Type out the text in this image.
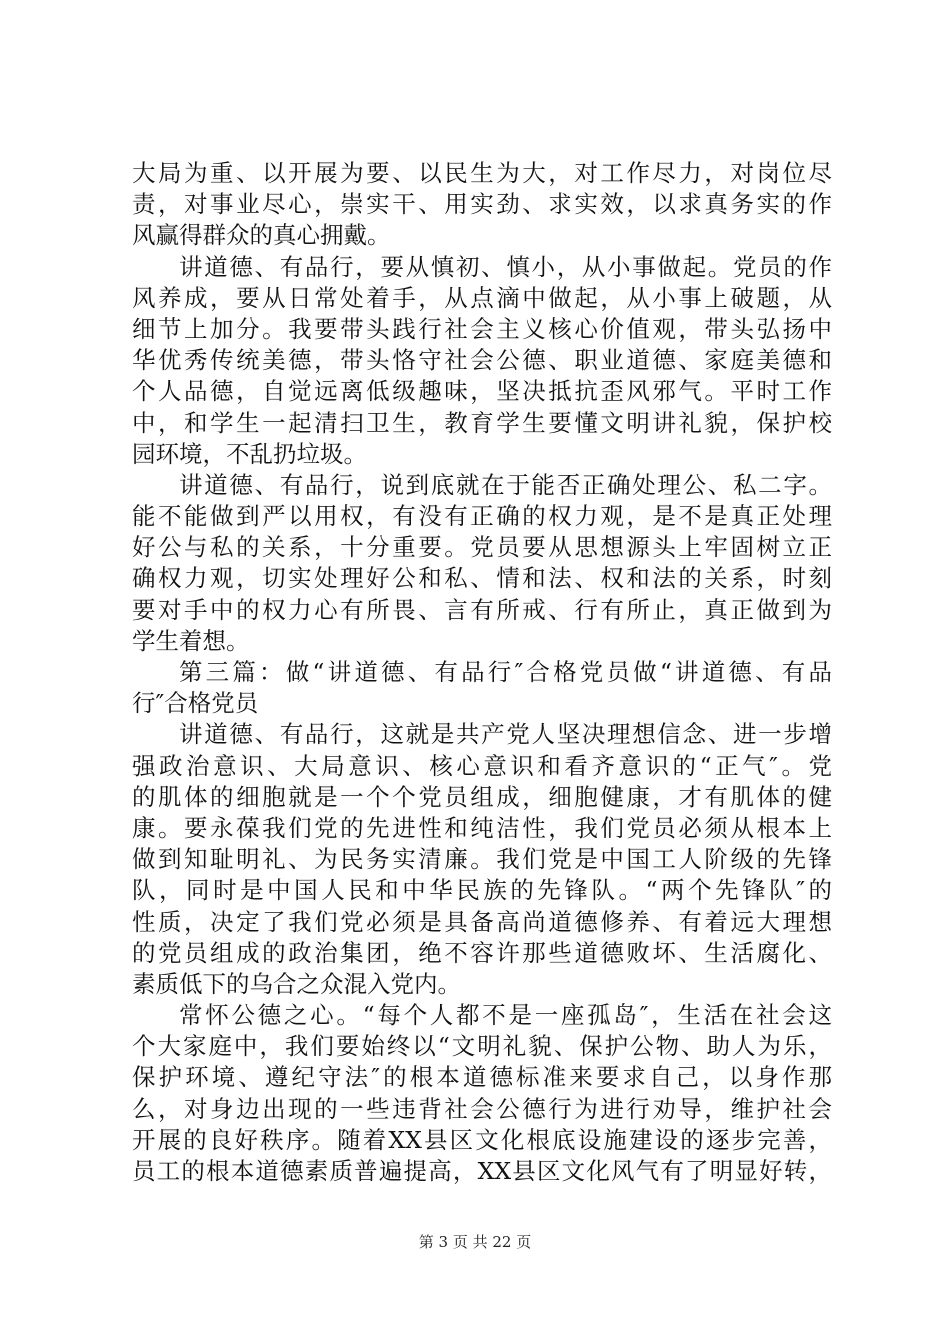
大局为重、以开展为要、以民生为大，对工作尽力，对岗位尽
责，对事业尽心，崇实干、用实劲、求实效，以求真务实的作
风赢得群众的真心拥戴。
讲道德、有品行，要从慎初、慎小，从小事做起。党员的作
风养成，要从日常处着手，从点滴中做起，从小事上破题，从
细节上加分。我要带头践行社会主义核心价值观，带头弘扬中
华优秀传统美德，带头恪守社会公德、职业道德、家庭美德和
个人品德，自觉远离低级趣味，坚决抵抗歪风邪气。平时工作
中，和学生一起清扫卫生，教育学生要懂文明讲礼貌，保护校
园环境，不乱扔垃圾。
讲道德、有品行，说到底就在于能否正确处理公、私二字。
能不能做到严以用权，有没有正确的权力观，是不是真正处理
好公与私的关系，十分重要。党员要从思想源头上牢固树立正
确权力观，切实处理好公和私、情和法、权和法的关系，时刻
要对手中的权力心有所畏、言有所戒、行有所止，真正做到为
学生着想。
第三篇：做“讲道德、有品行″合格党员做“讲道德、有品
行″合格党员
讲道德、有品行，这就是共产党人坚决理想信念、进一步增
强政治意识、大局意识、核心意识和看齐意识的“正气″。党
的肌体的细胞就是一个个党员组成，细胞健康，才有肌体的健
康。要永葆我们党的先进性和纯洁性，我们党员必须从根本上
做到知耻明礼、为民务实清廉。我们党是中国工人阶级的先锋
队，同时是中国人民和中华民族的先锋队。“两个先锋队″的
性质，决定了我们党必须是具备高尚道德修养、有着远大理想
的党员组成的政治集团，绝不容许那些道德败坏、生活腐化、
素质低下的乌合之众混入党内。
常怀公德之心。“每个人都不是一座孤岛″，生活在社会这
个大家庭中，我们要始终以“文明礼貌、保护公物、助人为乐，
保护环境、遵纪守法″的根本道德标准来要求自己，以身作那
么，对身边出现的一些违背社会公德行为进行劝导，维护社会
开展的良好秩序。随着XX县区文化根底设施建设的逐步完善，
员工的根本道德素质普遍提高，XX县区文化风气有了明显好转，
第 3 页 共 22 页
